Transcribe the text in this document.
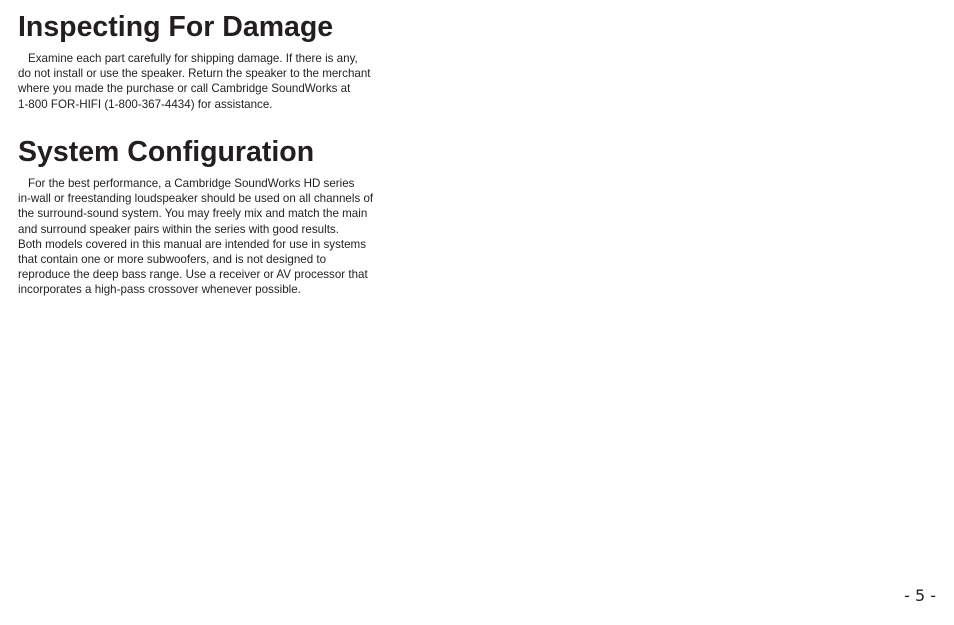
Inspecting For Damage

Examine each part carefully for shipping damage. If there is any,
do not install or use the speaker. Return the speaker to the merchant
where you made the purchase or call Cambridge SoundWorks at
1-800 FOR-HIFI (1-800-367-4434) for assistance.

System Configuration

For the best performance, a Cambridge SoundWorks HD series
in-wall or freestanding loudspeaker should be used on all channels of
the surround-sound system. You may freely mix and match the main
and surround speaker pairs within the series with good results.
Both models covered in this manual are intended for use in systems
that contain one or more subwoofers, and is not designed to
reproduce the deep bass range. Use a receiver or AV processor that
incorporates a high-pass crossover whenever possible.

- 5 -
